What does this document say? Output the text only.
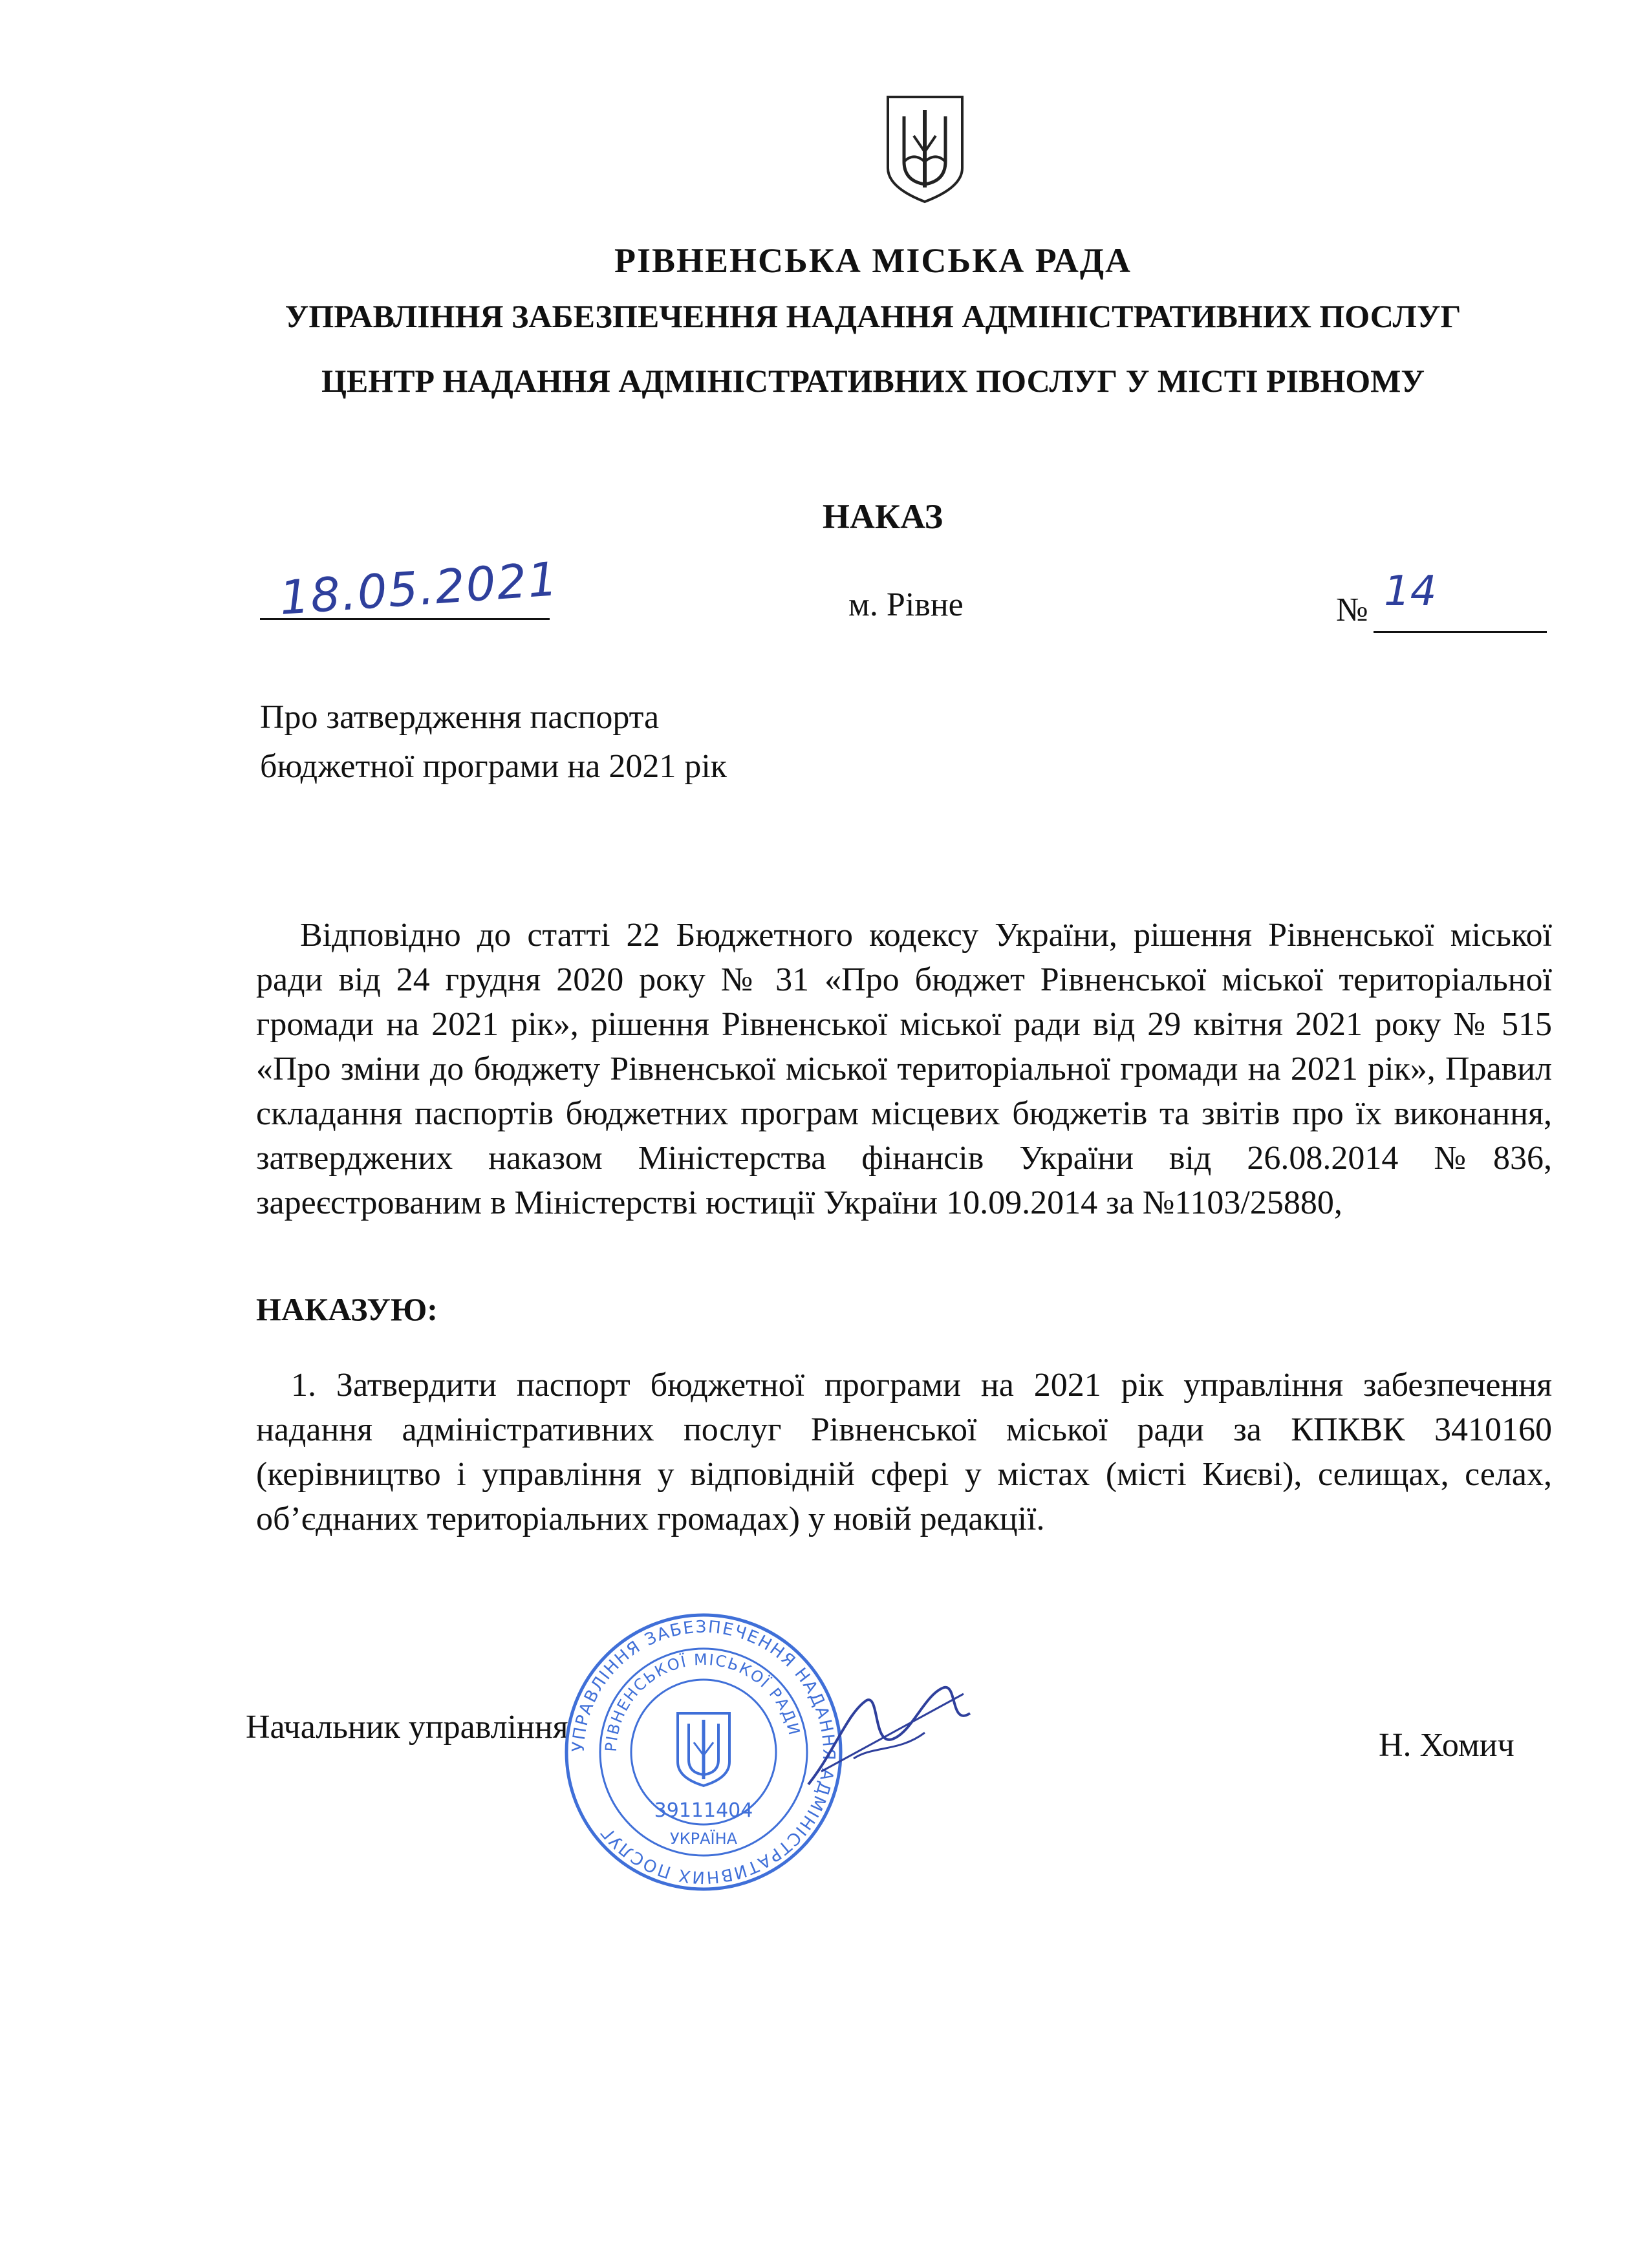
РІВНЕНСЬКА МІСЬКА РАДА
УПРАВЛІННЯ ЗАБЕЗПЕЧЕННЯ НАДАННЯ АДМІНІСТРАТИВНИХ ПОСЛУГ
ЦЕНТР НАДАННЯ АДМІНІСТРАТИВНИХ ПОСЛУГ У МІСТІ РІВНОМУ
НАКАЗ
18.05.2021	м. Рівне	№ 14
Про затвердження паспорта
бюджетної програми на 2021 рік
Відповідно до статті 22 Бюджетного кодексу України, рішення Рівненської міської ради від 24 грудня 2020 року № 31 «Про бюджет Рівненської міської територіальної громади на 2021 рік», рішення Рівненської міської ради від 29 квітня 2021 року № 515 «Про зміни до бюджету Рівненської міської територіальної громади на 2021 рік», Правил складання паспортів бюджетних програм місцевих бюджетів та звітів про їх виконання, затверджених наказом Міністерства фінансів України від 26.08.2014 №836, зареєстрованим в Міністерстві юстиції України 10.09.2014 за №1103/25880,
НАКАЗУЮ:
1. Затвердити паспорт бюджетної програми на 2021 рік управління забезпечення надання адміністративних послуг Рівненської міської ради за КПКВК 3410160 (керівництво і управління у відповідній сфері у містах (місті Києві), селищах, селах, об’єднаних територіальних громадах) у новій редакції.
Начальник управління	Н. Хомич
УПРАВЛІННЯ ЗАБЕЗПЕЧЕННЯ НАДАННЯ АДМІНІСТРАТИВНИХ ПОСЛУГ
РІВНЕНСЬКОЇ МІСЬКОЇ РАДИ
39111404
УКРАЇНА
